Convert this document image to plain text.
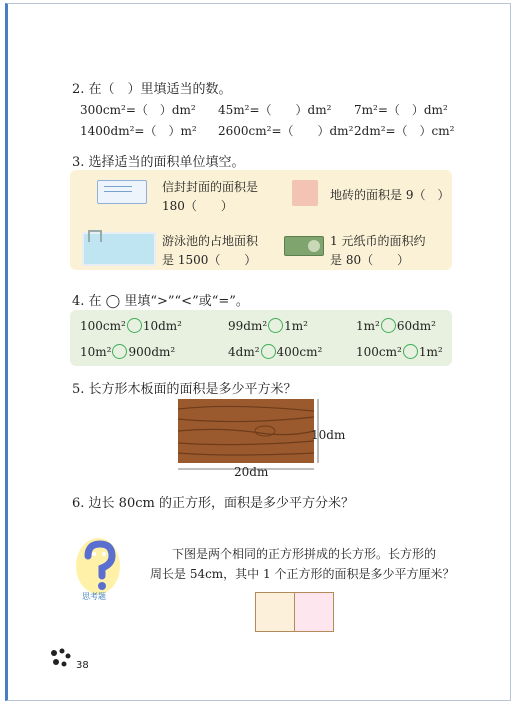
2. 在（　）里填适当的数。
300cm²=（　）dm² 45m²=（　　）dm² 7m²=（　）dm²
1400dm²=（　）m² 2600cm²=（　　）dm² 2dm²=（　）cm²
3. 选择适当的面积单位填空。
信封封面的面积是
180（　　）
地砖的面积是 9（　）
游泳池的占地面积
是 1500（　　）
1 元纸币的面积约
是 80（　　）
4. 在 ◯ 里填“>”“<”或“=”。
100cm² 10dm²	99dm² 1m²	1m² 60dm²
10m² 900dm²	4dm² 400cm²	100cm² 1m²
5. 长方形木板面的面积是多少平方米？
20dm
10dm
6. 边长 80cm 的正方形，面积是多少平方分米？
思考题
下图是两个相同的正方形拼成的长方形。长方形的
周长是 54cm，其中 1 个正方形的面积是多少平方厘米？
38
